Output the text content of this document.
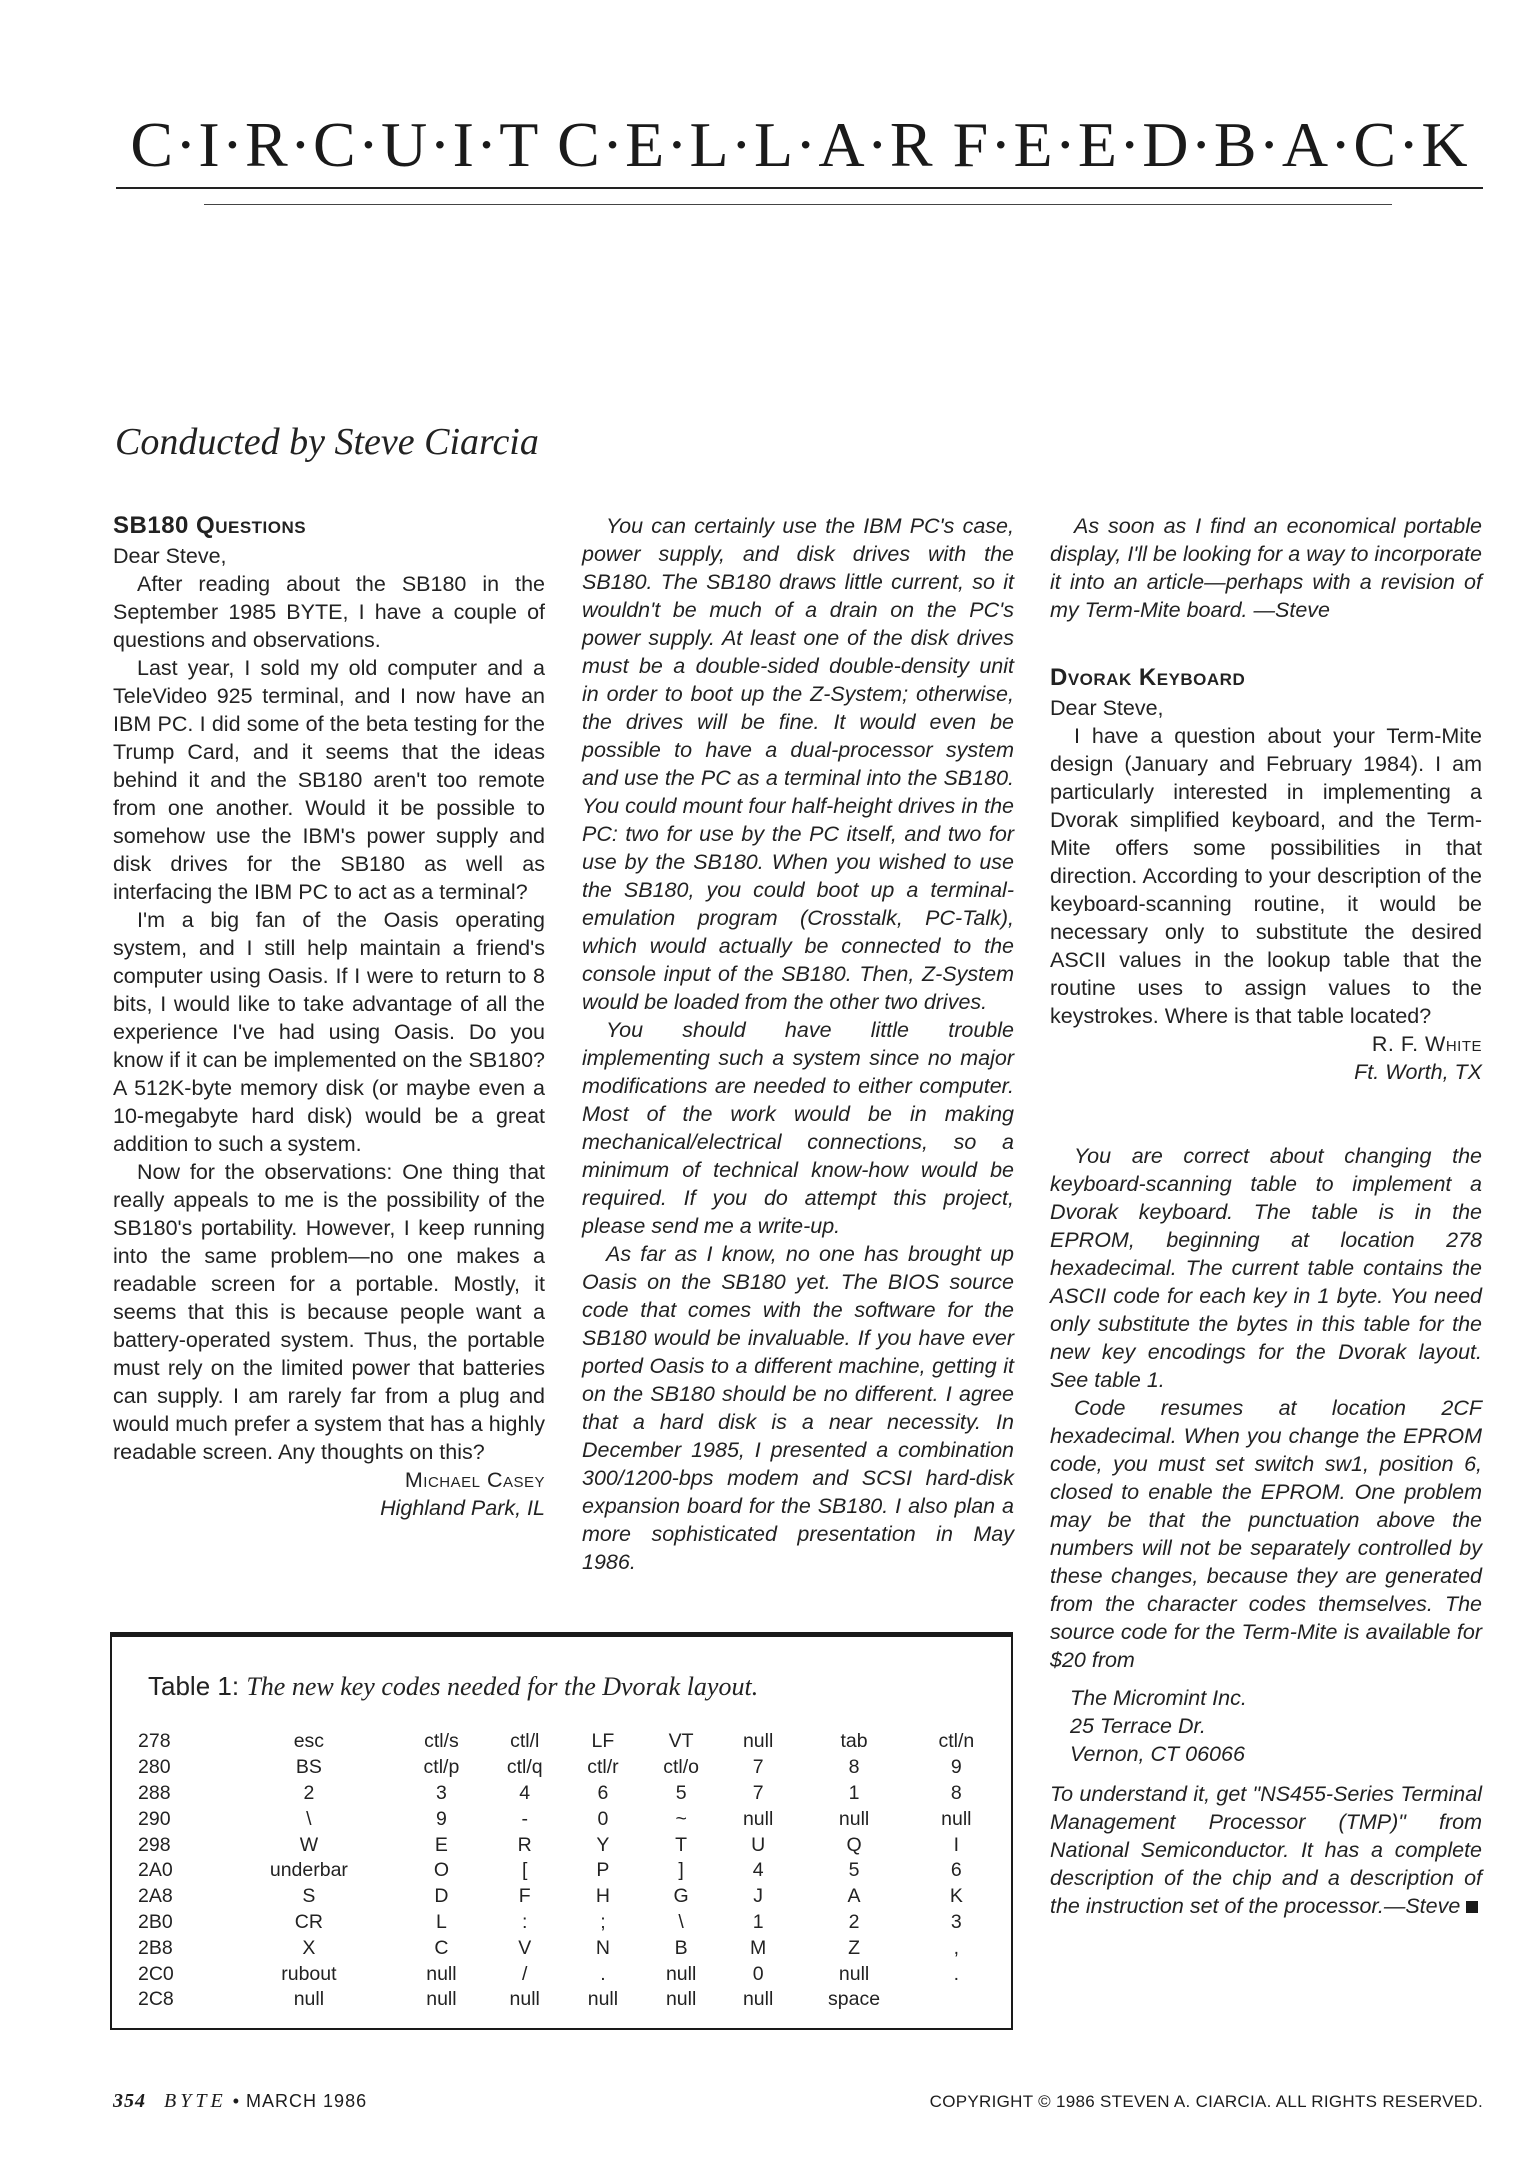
C·I·R·C·U·I·T C·E·L·L·A·R F·E·E·D·B·A·C·K
Conducted by Steve Ciarcia
SB180 Questions

Dear Steve,

After reading about the SB180 in the September 1985 BYTE, I have a couple of questions and observations.

Last year, I sold my old computer and a TeleVideo 925 terminal, and I now have an IBM PC. I did some of the beta testing for the Trump Card, and it seems that the ideas behind it and the SB180 aren't too remote from one another. Would it be possible to somehow use the IBM's power supply and disk drives for the SB180 as well as interfacing the IBM PC to act as a terminal?

I'm a big fan of the Oasis operating system, and I still help maintain a friend's computer using Oasis. If I were to return to 8 bits, I would like to take advantage of all the experience I've had using Oasis. Do you know if it can be implemented on the SB180? A 512K-byte memory disk (or maybe even a 10-megabyte hard disk) would be a great addition to such a system.

Now for the observations: One thing that really appeals to me is the possibility of the SB180's portability. However, I keep running into the same problem—no one makes a readable screen for a portable. Mostly, it seems that this is because people want a battery-operated system. Thus, the portable must rely on the limited power that batteries can supply. I am rarely far from a plug and would much prefer a system that has a highly readable screen. Any thoughts on this?

Michael Casey

Highland Park, IL

You can certainly use the IBM PC's case, power supply, and disk drives with the SB180. The SB180 draws little current, so it wouldn't be much of a drain on the PC's power supply. At least one of the disk drives must be a double-sided double-density unit in order to boot up the Z-System; otherwise, the drives will be fine. It would even be possible to have a dual-processor system and use the PC as a terminal into the SB180. You could mount four half-height drives in the PC: two for use by the PC itself, and two for use by the SB180. When you wished to use the SB180, you could boot up a terminal-emulation program (Crosstalk, PC-Talk), which would actually be connected to the console input of the SB180. Then, Z-System would be loaded from the other two drives.

You should have little trouble implementing such a system since no major modifications are needed to either computer. Most of the work would be in making mechanical/electrical connections, so a minimum of technical know-how would be required. If you do attempt this project, please send me a write-up.

As far as I know, no one has brought up Oasis on the SB180 yet. The BIOS source code that comes with the software for the SB180 would be invaluable. If you have ever ported Oasis to a different machine, getting it on the SB180 should be no different. I agree that a hard disk is a near necessity. In December 1985, I presented a combination 300/1200-bps modem and SCSI hard-disk expansion board for the SB180. I also plan a more sophisticated presentation in May 1986.

As soon as I find an economical portable display, I'll be looking for a way to incorporate it into an article—perhaps with a revision of my Term-Mite board. —Steve

Dvorak Keyboard

Dear Steve,

I have a question about your Term-Mite design (January and February 1984). I am particularly interested in implementing a Dvorak simplified keyboard, and the Term-Mite offers some possibilities in that direction. According to your description of the keyboard-scanning routine, it would be necessary only to substitute the desired ASCII values in the lookup table that the routine uses to assign values to the keystrokes. Where is that table located?

R. F. White

Ft. Worth, TX

You are correct about changing the keyboard-scanning table to implement a Dvorak keyboard. The table is in the EPROM, beginning at location 278 hexadecimal. The current table contains the ASCII code for each key in 1 byte. You need only substitute the bytes in this table for the new key encodings for the Dvorak layout. See table 1.

Code resumes at location 2CF hexadecimal. When you change the EPROM code, you must set switch sw1, position 6, closed to enable the EPROM. One problem may be that the punctuation above the numbers will not be separately controlled by these changes, because they are generated from the character codes themselves. The source code for the Term-Mite is available for $20 from

The Micromint Inc.

25 Terrace Dr.

Vernon, CT 06066

To understand it, get "NS455-Series Terminal Management Processor (TMP)" from National Semiconductor. It has a complete description of the chip and a description of the instruction set of the processor.—Steve

Table 1: The new key codes needed for the Dvorak layout.
278	esc	ctl/s	ctl/l	LF	VT	null	tab	ctl/n
280	BS	ctl/p	ctl/q	ctl/r	ctl/o	7	8	9
288	2	3	4	6	5	7	1	8
290	\	9	-	0	~	null	null	null
298	W	E	R	Y	T	U	Q	I
2A0	underbar	O	[	P	]	4	5	6
2A8	S	D	F	H	G	J	A	K
2B0	CR	L	:	;	\	1	2	3
2B8	X	C	V	N	B	M	Z	,
2C0	rubout	null	/	.	null	0	null	.
2C8	null	null	null	null	null	null	space	
354 BYTE • MARCH 1986	COPYRIGHT © 1986 STEVEN A. CIARCIA. ALL RIGHTS RESERVED.
